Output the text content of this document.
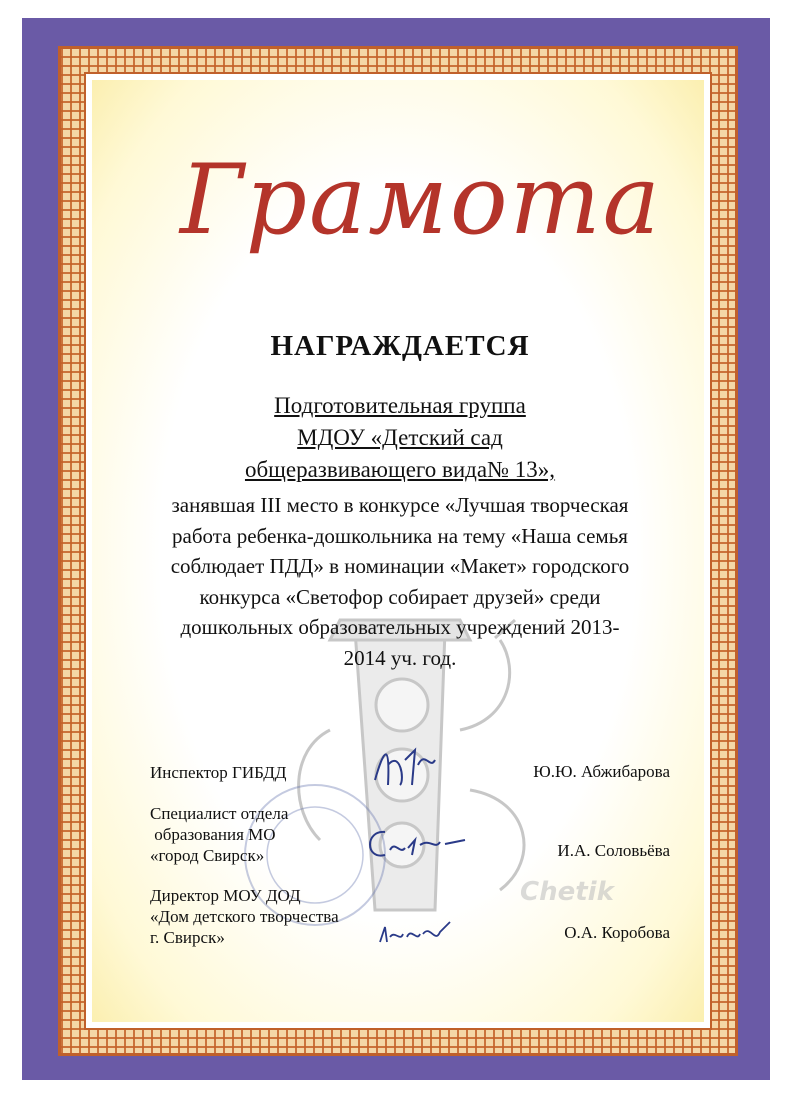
Chetik
Грамота
НАГРАЖДАЕТСЯ
Подготовительная группа
МДОУ «Детский сад
общеразвивающего вида№ 13»,
занявшая III место в конкурсе «Лучшая творческая
работа ребенка-дошкольника на тему «Наша семья
соблюдает ПДД» в номинации «Макет» городского
конкурса «Светофор собирает друзей» среди
дошкольных образовательных учреждений 2013-
2014 уч. год.
Инспектор ГИБДД	Ю.Ю. Абжибарова
Специалист отдела
образования МО
«город Свирск»	И.А. Соловьёва
Директор МОУ ДОД
«Дом детского творчества
г. Свирск»	О.А. Коробова
